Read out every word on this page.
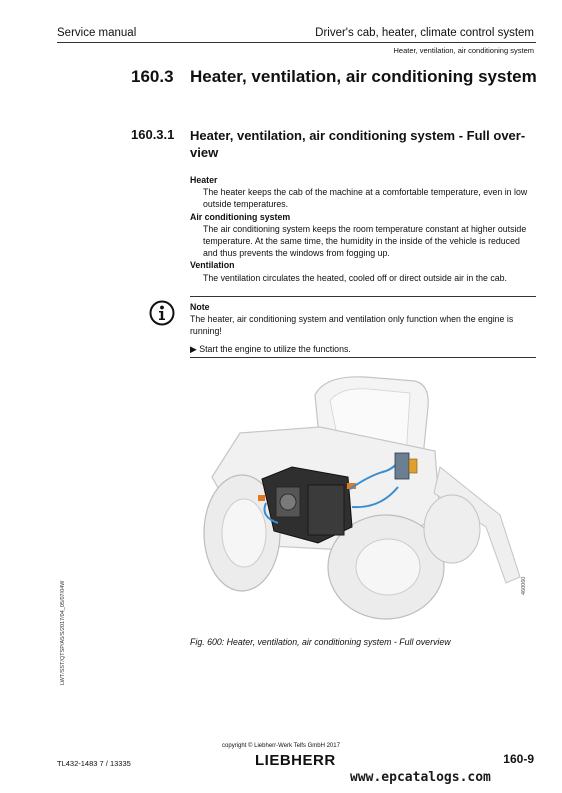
Service manual	Driver's cab, heater, climate control system
Heater, ventilation, air conditioning system
160.3 Heater, ventilation, air conditioning system
160.3.1 Heater, ventilation, air conditioning system - Full over-view
Heater
The heater keeps the cab of the machine at a comfortable temperature, even in low outside temperatures.
Air conditioning system
The air conditioning system keeps the room temperature constant at higher outside temperature. At the same time, the humidity in the inside of the vehicle is reduced and thus prevents the windows from fogging up.
Ventilation
The ventilation circulates the heated, cooled off or direct outside air in the cab.
Note
The heater, air conditioning system and ventilation only function when the engine is running!
▶ Start the engine to utilize the functions.
460060
Fig. 600: Heater, ventilation, air conditioning system - Full overview
LWT/SST/QTSP/A5/S/2017/04_05/07/04W
copyright © Liebherr-Werk Telfs GmbH 2017
TL432-1483 7 / 13335	LIEBHERR	160-9
www.epcatalogs.com
